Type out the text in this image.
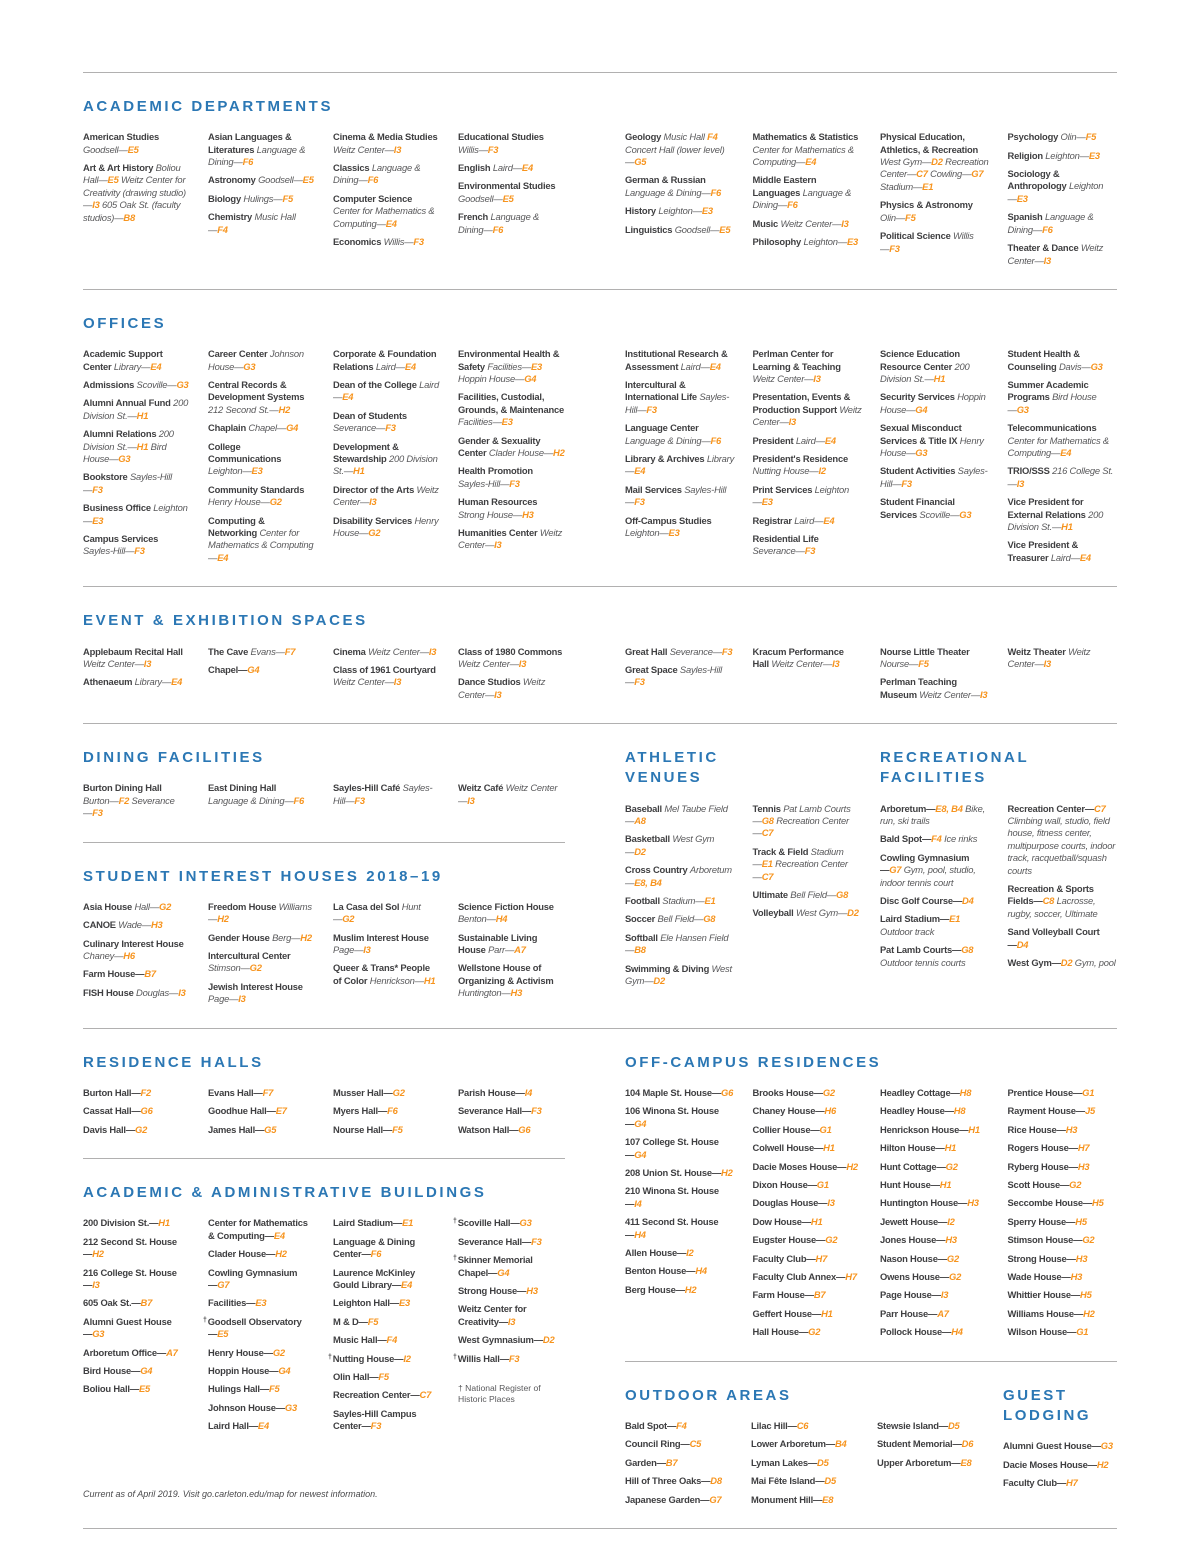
ACADEMIC DEPARTMENTS

American Studies Goodsell—⁠E5

Art & Art History Boliou Hall—⁠E5 Weitz Center for Creativity (drawing studio)—⁠I3 605 Oak St. (faculty studios)—⁠B8

Asian Languages & Literatures Language & Dining—⁠F6

Astronomy Goodsell—⁠E5

Biology Hulings—⁠F5

Chemistry Music Hall—⁠F4

Cinema & Media Studies Weitz Center—⁠I3

Classics Language & Dining—⁠F6

Computer Science Center for Mathematics & Computing—⁠E4

Economics Willis—⁠F3

Educational Studies Willis—⁠F3

English Laird—⁠E4

Environmental Studies Goodsell—⁠E5

French Language & Dining—⁠F6

Geology Music Hall ⁠F4 Concert Hall (lower level)—⁠G5

German & Russian Language & Dining—⁠F6

History Leighton—⁠E3

Linguistics Goodsell—⁠E5

Mathematics & Statistics Center for Mathematics & Computing—⁠E4

Middle Eastern Languages Language & Dining—⁠F6

Music Weitz Center—⁠I3

Philosophy Leighton—⁠E3

Physical Education, Athletics, & Recreation West Gym—⁠D2 Recreation Center—⁠C7 Cowling—⁠G7 Stadium—⁠E1

Physics & Astronomy Olin—⁠F5

Political Science Willis—⁠F3

Psychology Olin—⁠F5

Religion Leighton—⁠E3

Sociology & Anthropology Leighton—⁠E3

Spanish Language & Dining—⁠F6

Theater & Dance Weitz Center—⁠I3

OFFICES

Academic Support Center Library—⁠E4

Admissions Scoville—⁠G3

Alumni Annual Fund 200 Division St.—⁠H1

Alumni Relations 200 Division St.—⁠H1 Bird House—⁠G3

Bookstore Sayles-Hill—⁠F3

Business Office Leighton—⁠E3

Campus Services Sayles-Hill—⁠F3

Career Center Johnson House—⁠G3

Central Records & Development Systems 212 Second St.—⁠H2

Chaplain Chapel—⁠G4

College Communications Leighton—⁠E3

Community Standards Henry House—⁠G2

Computing & Networking Center for Mathematics & Computing—⁠E4

Corporate & Foundation Relations Laird—⁠E4

Dean of the College Laird—⁠E4

Dean of Students Severance—⁠F3

Development & Stewardship 200 Division St.—⁠H1

Director of the Arts Weitz Center—⁠I3

Disability Services Henry House—⁠G2

Environmental Health & Safety Facilities—⁠E3 Hoppin House—⁠G4

Facilities, Custodial, Grounds, & Maintenance Facilities—⁠E3

Gender & Sexuality Center Clader House—⁠H2

Health Promotion Sayles-Hill—⁠F3

Human Resources Strong House—⁠H3

Humanities Center Weitz Center—⁠I3

Institutional Research & Assessment Laird—⁠E4

Intercultural & International Life Sayles-Hill—⁠F3

Language Center Language & Dining—⁠F6

Library & Archives Library—⁠E4

Mail Services Sayles-Hill—⁠F3

Off-Campus Studies Leighton—⁠E3

Perlman Center for Learning & Teaching Weitz Center—⁠I3

Presentation, Events & Production Support Weitz Center—⁠I3

President Laird—⁠E4

President's Residence Nutting House—⁠I2

Print Services Leighton—⁠E3

Registrar Laird—⁠E4

Residential Life Severance—⁠F3

Science Education Resource Center 200 Division St.—⁠H1

Security Services Hoppin House—⁠G4

Sexual Misconduct Services & Title IX Henry House—⁠G3

Student Activities Sayles-Hill—⁠F3

Student Financial Services Scoville—⁠G3

Student Health & Counseling Davis—⁠G3

Summer Academic Programs Bird House—⁠G3

Telecommunications Center for Mathematics & Computing—⁠E4

TRIO/SSS 216 College St.—⁠I3

Vice President for External Relations 200 Division St.—⁠H1

Vice President & Treasurer Laird—⁠E4

EVENT & EXHIBITION SPACES

Applebaum Recital Hall Weitz Center—⁠I3

Athenaeum Library—⁠E4

The Cave Evans—⁠F7

Chapel—⁠G4

Cinema Weitz Center—⁠I3

Class of 1961 Courtyard Weitz Center—⁠I3

Class of 1980 Commons Weitz Center—⁠I3

Dance Studios Weitz Center—⁠I3

Great Hall Severance—⁠F3

Great Space Sayles-Hill—⁠F3

Kracum Performance Hall Weitz Center—⁠I3

Nourse Little Theater Nourse—⁠F5

Perlman Teaching Museum Weitz Center—⁠I3

Weitz Theater Weitz Center—⁠I3

DINING FACILITIES

Burton Dining Hall Burton—⁠F2 Severance—⁠F3

East Dining Hall Language & Dining—⁠F6

Sayles-Hill Café Sayles-Hill—⁠F3

Weitz Café Weitz Center—⁠I3

STUDENT INTEREST HOUSES 2018–19

Asia House Hall—⁠G2

CANOE Wade—⁠H3

Culinary Interest House Chaney—⁠H6

Farm House—⁠B7

FISH House Douglas—⁠I3

Freedom House Williams—⁠H2

Gender House Berg—⁠H2

Intercultural Center Stimson—⁠G2

Jewish Interest House Page—⁠I3

La Casa del Sol Hunt—⁠G2

Muslim Interest House Page—⁠I3

Queer & Trans* People of Color Henrickson—⁠H1

Science Fiction House Benton—⁠H4

Sustainable Living House Parr—⁠A7

Wellstone House of Organizing & Activism Huntington—⁠H3

ATHLETIC VENUES

Baseball Mel Taube Field—⁠A8

Basketball West Gym—⁠D2

Cross Country Arboretum—⁠E8, B4

Football Stadium—⁠E1

Soccer Bell Field—⁠G8

Softball Ele Hansen Field—⁠B8

Swimming & Diving West Gym—⁠D2

Tennis Pat Lamb Courts—⁠G8 Recreation Center—⁠C7

Track & Field Stadium—⁠E1 Recreation Center—⁠C7

Ultimate Bell Field—⁠G8

Volleyball West Gym—⁠D2

RECREATIONAL FACILITIES

Arboretum—⁠E8, B4 Bike, run, ski trails

Bald Spot—⁠F4 Ice rinks

Cowling Gymnasium—⁠G7 Gym, pool, studio, indoor tennis court

Disc Golf Course—⁠D4

Laird Stadium—⁠E1 Outdoor track

Pat Lamb Courts—⁠G8 Outdoor tennis courts

Recreation Center—⁠C7 Climbing wall, studio, field house, fitness center, multipurpose courts, indoor track, racquetball/squash courts

Recreation & Sports Fields—⁠C8 Lacrosse, rugby, soccer, Ultimate

Sand Volleyball Court—⁠D4

West Gym—⁠D2 Gym, pool

RESIDENCE HALLS

Burton Hall—⁠F2

Cassat Hall—⁠G6

Davis Hall—⁠G2

Evans Hall—⁠F7

Goodhue Hall—⁠E7

James Hall—⁠G5

Musser Hall—⁠G2

Myers Hall—⁠F6

Nourse Hall—⁠F5

Parish House—⁠I4

Severance Hall—⁠F3

Watson Hall—⁠G6

ACADEMIC & ADMINISTRATIVE BUILDINGS

200 Division St.—⁠H1

212 Second St. House—⁠H2

216 College St. House—⁠I3

605 Oak St.—⁠B7

Alumni Guest House—⁠G3

Arboretum Office—⁠A7

Bird House—⁠G4

Boliou Hall—⁠E5

Center for Mathematics & Computing—⁠E4

Clader House—⁠H2

Cowling Gymnasium—⁠G7

Facilities—⁠E3

†Goodsell Observatory—⁠E5

Henry House—⁠G2

Hoppin House—⁠G4

Hulings Hall—⁠F5

Johnson House—⁠G3

Laird Hall—⁠E4

Laird Stadium—⁠E1

Language & Dining Center—⁠F6

Laurence McKinley Gould Library—⁠E4

Leighton Hall—⁠E3

M & D—⁠F5

Music Hall—⁠F4

†Nutting House—⁠I2

Olin Hall—⁠F5

Recreation Center—⁠C7

Sayles-Hill Campus Center—⁠F3

†Scoville Hall—⁠G3

Severance Hall—⁠F3

†Skinner Memorial Chapel—⁠G4

Strong House—⁠H3

Weitz Center for Creativity—⁠I3

West Gymnasium—⁠D2

†Willis Hall—⁠F3

† National Register of Historic Places

Current as of April 2019. Visit go.carleton.edu/map for newest information.

OFF-CAMPUS RESIDENCES

104 Maple St. House—⁠G6

106 Winona St. House—⁠G4

107 College St. House—⁠G4

208 Union St. House—⁠H2

210 Winona St. House—⁠I4

411 Second St. House—⁠H4

Allen House—⁠I2

Benton House—⁠H4

Berg House—⁠H2

Brooks House—⁠G2

Chaney House—⁠H6

Collier House—⁠G1

Colwell House—⁠H1

Dacie Moses House—⁠H2

Dixon House—⁠G1

Douglas House—⁠I3

Dow House—⁠H1

Eugster House—⁠G2

Faculty Club—⁠H7

Faculty Club Annex—⁠H7

Farm House—⁠B7

Geffert House—⁠H1

Hall House—⁠G2

Headley Cottage—⁠H8

Headley House—⁠H8

Henrickson House—⁠H1

Hilton House—⁠H1

Hunt Cottage—⁠G2

Hunt House—⁠H1

Huntington House—⁠H3

Jewett House—⁠I2

Jones House—⁠H3

Nason House—⁠G2

Owens House—⁠G2

Page House—⁠I3

Parr House—⁠A7

Pollock House—⁠H4

Prentice House—⁠G1

Rayment House—⁠J5

Rice House—⁠H3

Rogers House—⁠H7

Ryberg House—⁠H3

Scott House—⁠G2

Seccombe House—⁠H5

Sperry House—⁠H5

Stimson House—⁠G2

Strong House—⁠H3

Wade House—⁠H3

Whittier House—⁠H5

Williams House—⁠H2

Wilson House—⁠G1

OUTDOOR AREAS

Bald Spot—⁠F4

Council Ring—⁠C5

Garden—⁠B7

Hill of Three Oaks—⁠D8

Japanese Garden—⁠G7

Lilac Hill—⁠C6

Lower Arboretum—⁠B4

Lyman Lakes—⁠D5

Mai Fête Island—⁠D5

Monument Hill—⁠E8

Stewsie Island—⁠D5

Student Memorial—⁠D6

Upper Arboretum—⁠E8

GUEST LODGING

Alumni Guest House—⁠G3

Dacie Moses House—⁠H2

Faculty Club—⁠H7
